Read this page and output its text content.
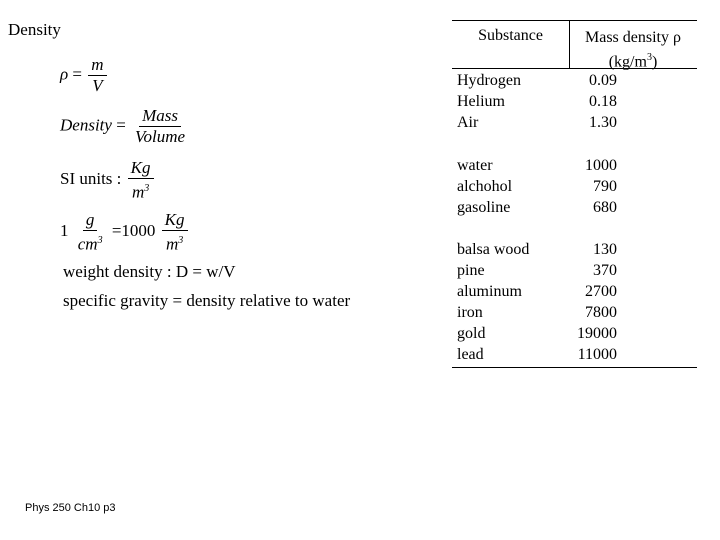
Density
$\rho = \frac{m}{V}$
Density = $\frac{\text{Mass}}{\text{Volume}}$
SI units : $\frac{Kg}{m^3}$
$1 \frac{g}{cm^3} =1000 \frac{Kg}{m^3}$
weight density : D = w/V
specific gravity = density relative to water
Substance	Mass density ρ
$(kg/m^3)$
Hydrogen	0.09
Helium	0.18
Air	1.30
water	1000
alchohol	790
gasoline	680
balsa wood	130
pine	370
aluminum	2700
iron	7800
gold	19000
lead	11000
Phys 250 Ch10 p3
